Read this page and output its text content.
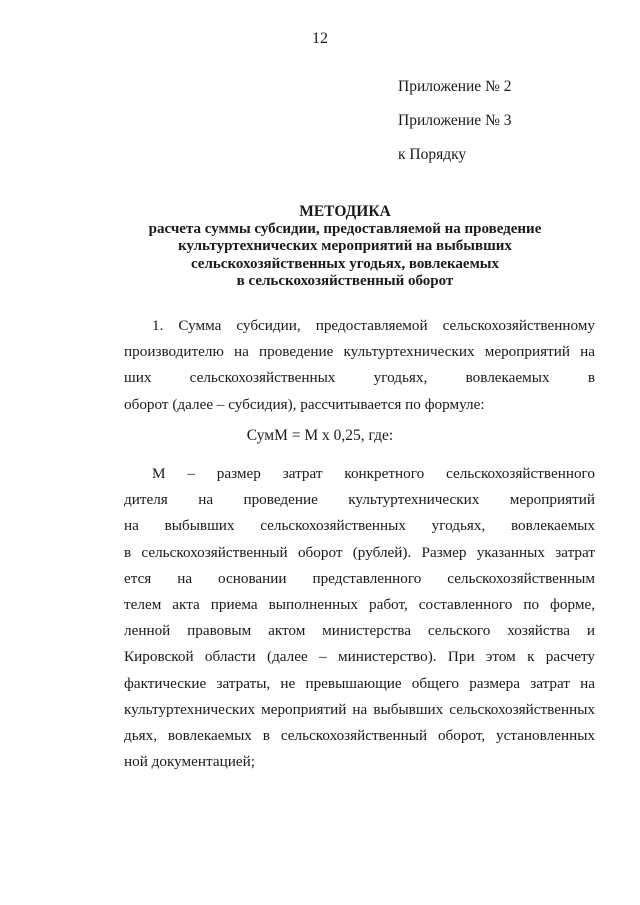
12
Приложение № 2
Приложение № 3
к Порядку
МЕТОДИКА
расчета суммы субсидии, предоставляемой на проведение
культуртехнических мероприятий на выбывших
сельскохозяйственных угодьях, вовлекаемых
в сельскохозяйственный оборот
1. Сумма субсидии, предоставляемой сельскохозяйственному
производителю на проведение культуртехнических мероприятий на
ших сельскохозяйственных угодьях, вовлекаемых в
оборот (далее – субсидия), рассчитывается по формуле:
СумМ = М х 0,25, где:
М – размер затрат конкретного сельскохозяйственного
дителя на проведение культуртехнических мероприятий
на выбывших сельскохозяйственных угодьях, вовлекаемых
в сельскохозяйственный оборот (рублей). Размер указанных затрат
ется на основании представленного сельскохозяйственным
телем акта приема выполненных работ, составленного по форме,
ленной правовым актом министерства сельского хозяйства и
Кировской области (далее – министерство). При этом к расчету
фактические затраты, не превышающие общего размера затрат на
культуртехнических мероприятий на выбывших сельскохозяйственных
дьях, вовлекаемых в сельскохозяйственный оборот, установленных
ной документацией;
